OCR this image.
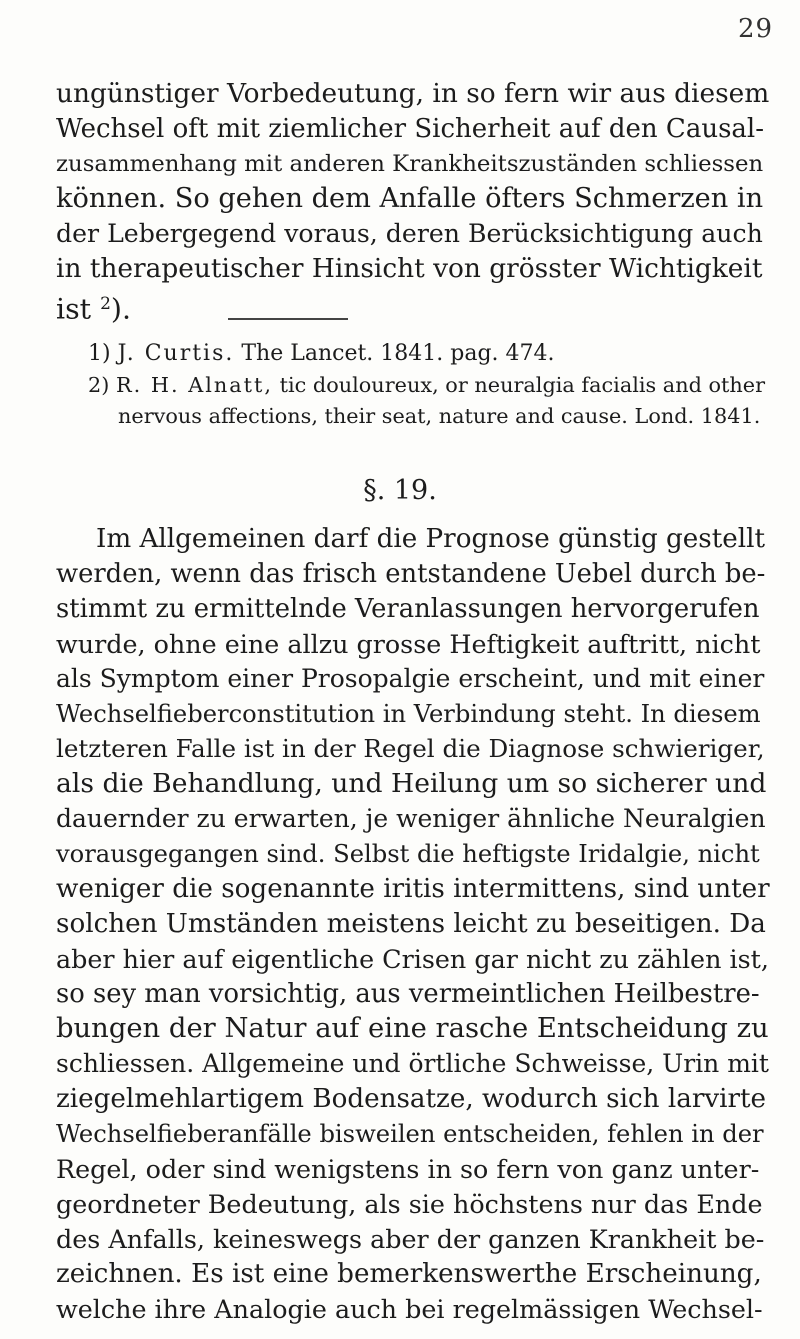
29
ungünstiger Vorbedeutung, in so fern wir aus diesem
Wechsel oft mit ziemlicher Sicherheit auf den Causal-
zusammenhang mit anderen Krankheitszuständen schliessen
können. So gehen dem Anfalle öfters Schmerzen in
der Lebergegend voraus, deren Berücksichtigung auch
in therapeutischer Hinsicht von grösster Wichtigkeit
ist $^2$).
1) J. Curtis. The Lancet. 1841. pag. 474.
2) R. H. Alnatt, tic douloureux, or neuralgia facialis and other
nervous affections, their seat, nature and cause. Lond. 1841.
§. 19.
Im Allgemeinen darf die Prognose günstig gestellt
werden, wenn das frisch entstandene Uebel durch be-
stimmt zu ermittelnde Veranlassungen hervorgerufen
wurde, ohne eine allzu grosse Heftigkeit auftritt, nicht
als Symptom einer Prosopalgie erscheint, und mit einer
Wechselfieberconstitution in Verbindung steht. In diesem
letzteren Falle ist in der Regel die Diagnose schwieriger,
als die Behandlung, und Heilung um so sicherer und
dauernder zu erwarten, je weniger ähnliche Neuralgien
vorausgegangen sind. Selbst die heftigste Iridalgie, nicht
weniger die sogenannte iritis intermittens, sind unter
solchen Umständen meistens leicht zu beseitigen. Da
aber hier auf eigentliche Crisen gar nicht zu zählen ist,
so sey man vorsichtig, aus vermeintlichen Heilbestre-
bungen der Natur auf eine rasche Entscheidung zu
schliessen. Allgemeine und örtliche Schweisse, Urin mit
ziegelmehlartigem Bodensatze, wodurch sich larvirte
Wechselfieberanfälle bisweilen entscheiden, fehlen in der
Regel, oder sind wenigstens in so fern von ganz unter-
geordneter Bedeutung, als sie höchstens nur das Ende
des Anfalls, keineswegs aber der ganzen Krankheit be-
zeichnen. Es ist eine bemerkenswerthe Erscheinung,
welche ihre Analogie auch bei regelmässigen Wechsel-
